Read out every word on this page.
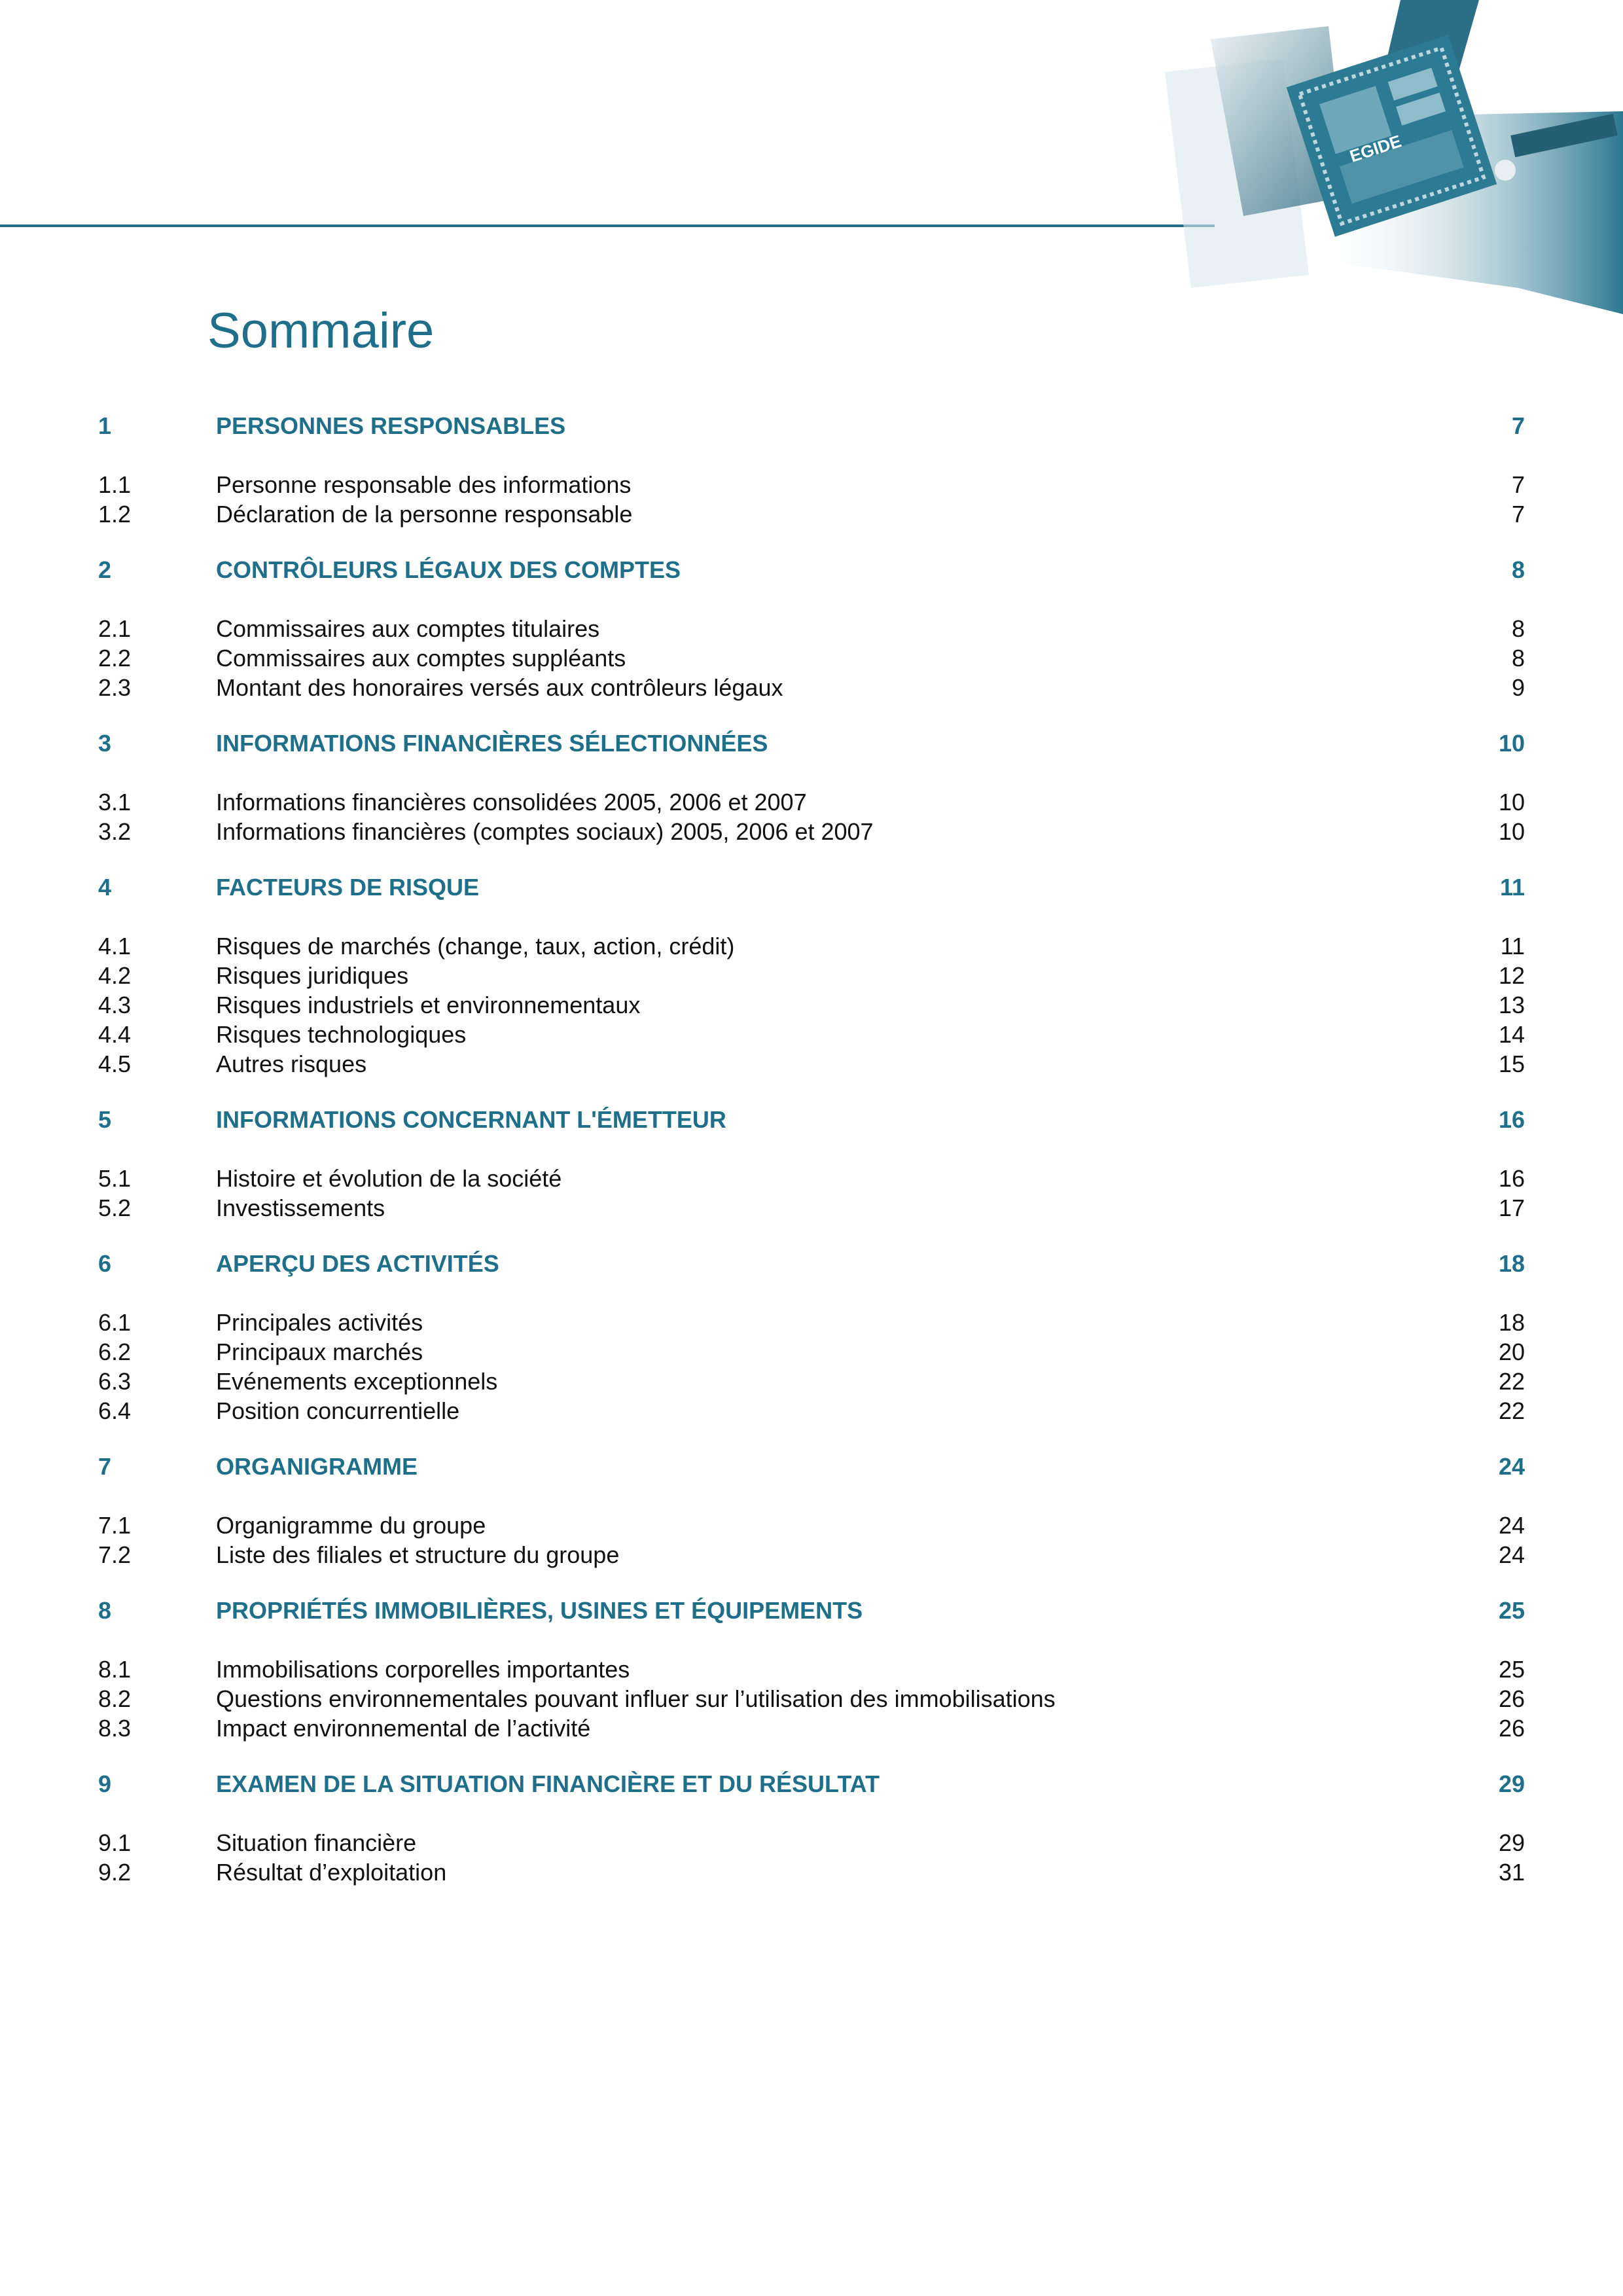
EGIDE
Sommaire
1	PERSONNES RESPONSABLES	7
1.1	Personne responsable des informations	7
1.2	Déclaration de la personne responsable	7
2	CONTRÔLEURS LÉGAUX DES COMPTES	8
2.1	Commissaires aux comptes titulaires	8
2.2	Commissaires aux comptes suppléants	8
2.3	Montant des honoraires versés aux contrôleurs légaux	9
3	INFORMATIONS FINANCIÈRES SÉLECTIONNÉES	10
3.1	Informations financières consolidées 2005, 2006 et 2007	10
3.2	Informations financières (comptes sociaux) 2005, 2006 et 2007	10
4	FACTEURS DE RISQUE	11
4.1	Risques de marchés (change, taux, action, crédit)	11
4.2	Risques juridiques	12
4.3	Risques industriels et environnementaux	13
4.4	Risques technologiques	14
4.5	Autres risques	15
5	INFORMATIONS CONCERNANT L'ÉMETTEUR	16
5.1	Histoire et évolution de la société	16
5.2	Investissements	17
6	APERÇU DES ACTIVITÉS	18
6.1	Principales activités	18
6.2	Principaux marchés	20
6.3	Evénements exceptionnels	22
6.4	Position concurrentielle	22
7	ORGANIGRAMME	24
7.1	Organigramme du groupe	24
7.2	Liste des filiales et structure du groupe	24
8	PROPRIÉTÉS IMMOBILIÈRES, USINES ET ÉQUIPEMENTS	25
8.1	Immobilisations corporelles importantes	25
8.2	Questions environnementales pouvant influer sur l’utilisation des immobilisations	26
8.3	Impact environnemental de l’activité	26
9	EXAMEN DE LA SITUATION FINANCIÈRE ET DU RÉSULTAT	29
9.1	Situation financière	29
9.2	Résultat d’exploitation	31
